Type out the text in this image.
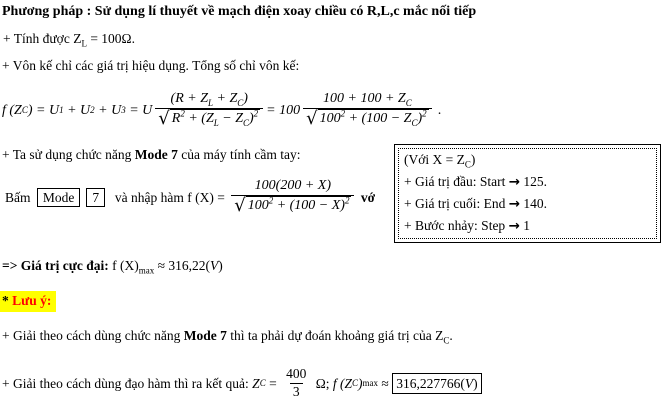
Phương pháp : Sử dụng lí thuyết về mạch điện xoay chiều có R,L,c mắc nối tiếp
+ Tính được $Z_L = 100\Omega$.
+ Vôn kế chỉ các giá trị hiệu dụng. Tổng số chỉ vôn kế:
f (Z C ) = U 1 + U 2 + U 3 = U $\frac{(R + Z_L + Z_C)}{√ R^2 + (Z_L - Z_C)^2} = 100 \frac{100 + 100 + Z_C}{√ 100^2 + (100 - Z_C)^2}$ .
+ Ta sử dụng chức năng Mode 7 của máy tính cầm tay:
Bấm Mode	7 và nhập hàm f $(X) = \frac{100(200 + X)}{√ 100^2 + (100 - X)^2}$ vớ
(Với $X = Z_C$)
+ Giá trị đầu: Start → 125.
+ Giá trị cuối: End → 140.
+ Bước nhảy: Step → 1
=> Giá trị cực đại: f $(X)_{max} \approx 316,22(V)$
* Lưu ý:
+ Giải theo cách dùng chức năng Mode 7 thì ta phải dự đoán khoảng giá trị của $Z_C$.
+ Giải theo cách dùng đạo hàm thì ra kết quả: Z $C = \frac{400}{3} \Omega$; f (Z C ) max ≈ 316,227766(V)
